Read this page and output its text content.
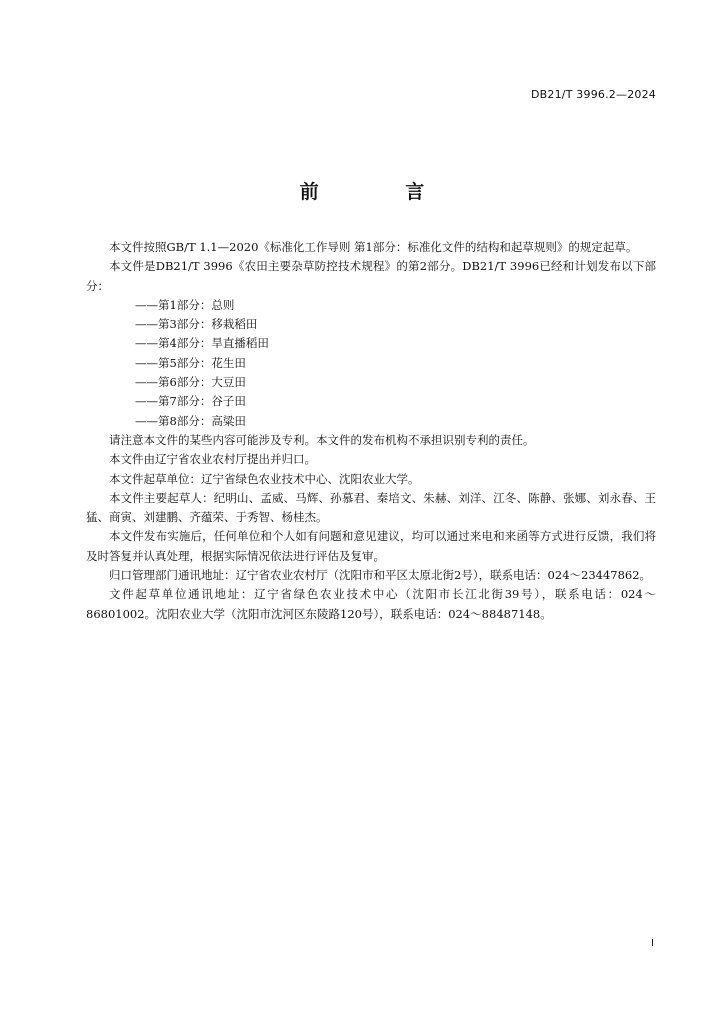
DB21/T 3996.2—2024
前 言

本文件按照GB/T 1.1—2020《标准化工作导则 第1部分：标准化文件的结构和起草规则》的规定起草。

本文件是DB21/T 3996《农田主要杂草防控技术规程》的第2部分。DB21/T 3996已经和计划发布以下部分：

——第1部分：总则

——第3部分：移栽稻田

——第4部分：旱直播稻田

——第5部分：花生田

——第6部分：大豆田

——第7部分：谷子田

——第8部分：高粱田

请注意本文件的某些内容可能涉及专利。本文件的发布机构不承担识别专利的责任。

本文件由辽宁省农业农村厅提出并归口。

本文件起草单位：辽宁省绿色农业技术中心、沈阳农业大学。

本文件主要起草人：纪明山、孟威、马辉、孙慕君、秦培文、朱赫、刘洋、江冬、陈静、张娜、刘永春、王猛、商寅、刘建鹏、齐蕴荣、于秀智、杨桂杰。

本文件发布实施后，任何单位和个人如有问题和意见建议，均可以通过来电和来函等方式进行反馈，我们将及时答复并认真处理，根据实际情况依法进行评估及复审。

归口管理部门通讯地址：辽宁省农业农村厅（沈阳市和平区太原北街2号），联系电话：024～23447862。

文件起草单位通讯地址：辽宁省绿色农业技术中心（沈阳市长江北街39号），联系电话：024～86801002。沈阳农业大学（沈阳市沈河区东陵路120号），联系电话：024～88487148。

I
